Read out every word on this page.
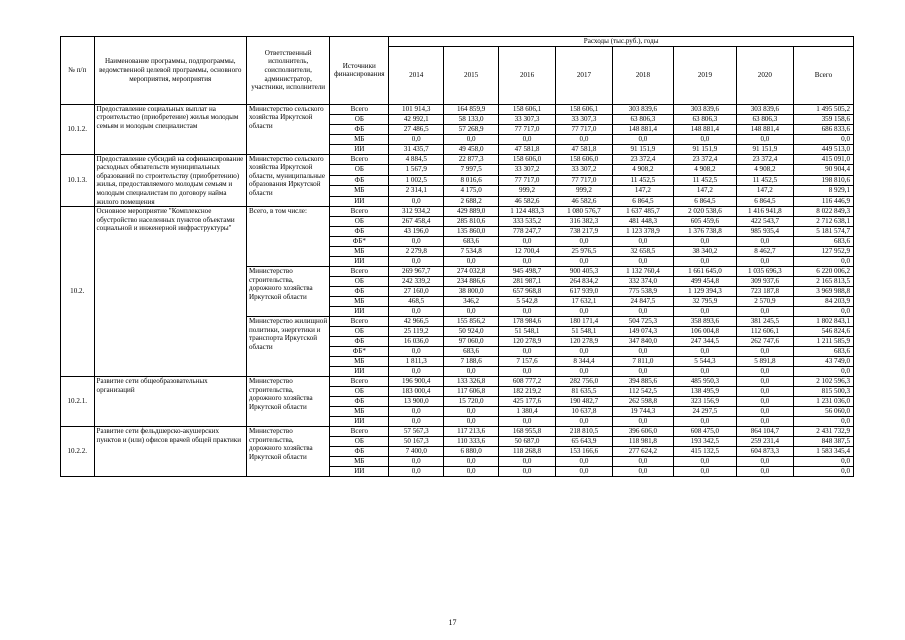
№ п/п	Наименование программы, подпрограммы, ведомственной целевой программы, основного мероприятия, мероприятия	Ответственный исполнитель, соисполнители, администратор, участники, исполнители	Источники финансирования	Расходы (тыс.руб.), годы							
				2014	2015	2016	2017	2018	2019	2020	Всего
10.1.2.	Предоставление социальных выплат на строительство (приобретение) жилья молодым семьям и молодым специалистам	Министерство сельского хозяйства Иркутской области	Всего	101 914,3	164 859,9	158 606,1	158 606,1	303 839,6	303 839,6	303 839,6	1 495 505,2
			ОБ	42 992,1	58 133,0	33 307,3	33 307,3	63 806,3	63 806,3	63 806,3	359 158,6
			ФБ	27 486,5	57 268,9	77 717,0	77 717,0	148 881,4	148 881,4	148 881,4	686 833,6
			МБ	0,0	0,0	0,0	0,0	0,0	0,0	0,0	0,0
			ИИ	31 435,7	49 458,0	47 581,8	47 581,8	91 151,9	91 151,9	91 151,9	449 513,0
10.1.3.	Предоставление субсидий на софинансирование расходных обязательств муниципальных образований по строительству (приобретению) жилья, предоставляемого молодым семьям и молодым специалистам по договору найма жилого помещения	Министерство сельского хозяйства Иркутской области, муниципальные образования Иркутской области	Всего	4 884,5	22 877,3	158 606,0	158 606,0	23 372,4	23 372,4	23 372,4	415 091,0
			ОБ	1 567,9	7 997,5	33 307,2	33 307,2	4 908,2	4 908,2	4 908,2	90 904,4
			ФБ	1 002,5	8 016,6	77 717,0	77 717,0	11 452,5	11 452,5	11 452,5	198 810,6
			МБ	2 314,1	4 175,0	999,2	999,2	147,2	147,2	147,2	8 929,1
			ИИ	0,0	2 688,2	46 582,6	46 582,6	6 864,5	6 864,5	6 864,5	116 446,9
10.2.	Основное мероприятие "Комплексное обустройство населенных пунктов объектами социальной и инженерной инфраструктуры"	Всего, в том числе:	Всего	312 934,2	429 889,0	1 124 483,3	1 080 576,7	1 637 485,7	2 020 538,6	1 416 941,8	8 022 849,3
			ОБ	267 458,4	285 810,6	333 535,2	316 382,3	481 448,3	605 459,6	422 543,7	2 712 638,1
			ФБ	43 196,0	135 860,0	778 247,7	738 217,9	1 123 378,9	1 376 738,8	985 935,4	5 181 574,7
			ФБ*	0,0	683,6	0,0	0,0	0,0	0,0	0,0	683,6
			МБ	2 279,8	7 534,8	12 700,4	25 976,5	32 658,5	38 340,2	8 462,7	127 952,9
			ИИ	0,0	0,0	0,0	0,0	0,0	0,0	0,0	0,0
		Министерство строительства, дорожного хозяйства Иркутской области	Всего	269 967,7	274 032,8	945 498,7	900 405,3	1 132 760,4	1 661 645,0	1 035 696,3	6 220 006,2
			ОБ	242 339,2	234 886,6	281 987,1	264 834,2	332 374,0	499 454,8	309 937,6	2 165 813,5
			ФБ	27 160,0	38 800,0	657 968,8	617 939,0	775 538,9	1 129 394,3	723 187,8	3 969 988,8
			МБ	468,5	346,2	5 542,8	17 632,1	24 847,5	32 795,9	2 570,9	84 203,9
			ИИ	0,0	0,0	0,0	0,0	0,0	0,0	0,0	0,0
		Министерство жилищной политики, энергетики и транспорта Иркутской области	Всего	42 966,5	155 856,2	178 984,6	180 171,4	504 725,3	358 893,6	381 245,5	1 802 843,1
			ОБ	25 119,2	50 924,0	51 548,1	51 548,1	149 074,3	106 004,8	112 606,1	546 824,6
			ФБ	16 036,0	97 060,0	120 278,9	120 278,9	347 840,0	247 344,5	262 747,6	1 211 585,9
			ФБ*	0,0	683,6	0,0	0,0	0,0	0,0	0,0	683,6
			МБ	1 811,3	7 188,6	7 157,6	8 344,4	7 811,0	5 544,3	5 891,8	43 749,0
			ИИ	0,0	0,0	0,0	0,0	0,0	0,0	0,0	0,0
10.2.1.	Развитие сети общеобразовательных организаций	Министерство строительства, дорожного хозяйства Иркутской области	Всего	196 900,4	133 326,8	608 777,2	282 756,0	394 885,6	485 950,3	0,0	2 102 596,3
			ОБ	183 000,4	117 606,8	182 219,2	81 635,5	112 542,5	138 495,9	0,0	815 500,3
			ФБ	13 900,0	15 720,0	425 177,6	190 482,7	262 598,8	323 156,9	0,0	1 231 036,0
			МБ	0,0	0,0	1 380,4	10 637,8	19 744,3	24 297,5	0,0	56 060,0
			ИИ	0,0	0,0	0,0	0,0	0,0	0,0	0,0	0,0
10.2.2.	Развитие сети фельдшерско-акушерских пунктов и (или) офисов врачей общей практики	Министерство строительства, дорожного хозяйства Иркутской области	Всего	57 567,3	117 213,6	168 955,8	218 810,5	396 606,0	608 475,0	864 104,7	2 431 732,9
			ОБ	50 167,3	110 333,6	50 687,0	65 643,9	118 981,8	193 342,5	259 231,4	848 387,5
			ФБ	7 400,0	6 880,0	118 268,8	153 166,6	277 624,2	415 132,5	604 873,3	1 583 345,4
			МБ	0,0	0,0	0,0	0,0	0,0	0,0	0,0	0,0
			ИИ	0,0	0,0	0,0	0,0	0,0	0,0	0,0	0,0
17
